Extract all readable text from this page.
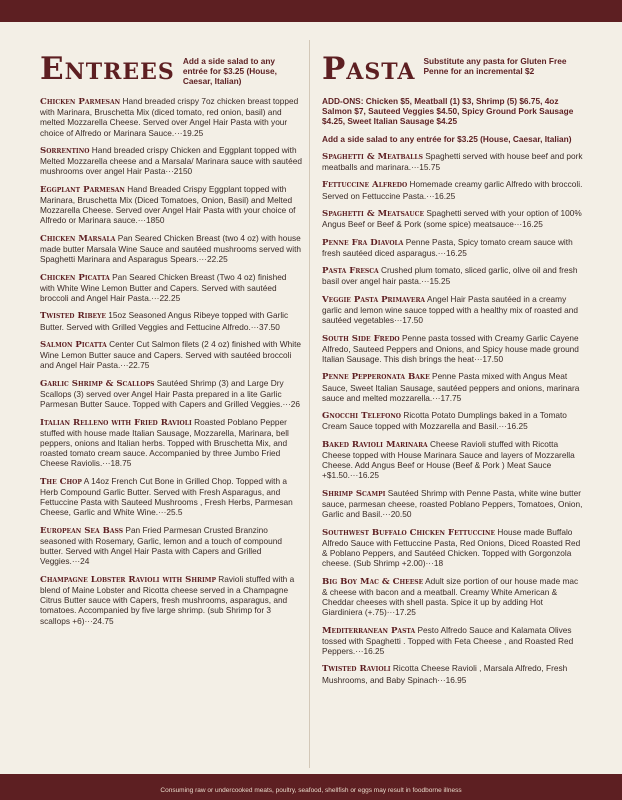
Entrees Add a side salad to any entrée for $3.25 (House, Caesar, Italian)
Chicken Parmesan Hand breaded crispy 7oz chicken breast topped with Marinara, Bruschetta Mix (diced tomato, red onion, basil) and melted Mozzarella Cheese. Served over Angel Hair Pasta with your choice of Alfredo or Marinara Sauce.···19.25
Sorrentino Hand breaded crispy Chicken and Eggplant topped with Melted Mozzarella cheese and a Marsala/ Marinara sauce with sautéed mushrooms over angel Hair Pasta···2150
Eggplant Parmesan Hand Breaded Crispy Eggplant topped with Marinara, Bruschetta Mix (Diced Tomatoes, Onion, Basil) and Melted Mozzarella Cheese. Served over Angel Hair Pasta with your choice of Alfredo or Marinara sauce.···1850
Chicken Marsala Pan Seared Chicken Breast (two 4 oz) with house made butter Marsala Wine Sauce and sautéed mushrooms served with Spaghetti Marinara and Asparagus Spears.···22.25
Chicken Picatta Pan Seared Chicken Breast (Two 4 oz) finished with White Wine Lemon Butter and Capers. Served with sautéed broccoli and Angel Hair Pasta.···22.25
Twisted Ribeye 15oz Seasoned Angus Ribeye topped with Garlic Butter. Served with Grilled Veggies and Fettucine Alfredo.···37.50
Salmon Picatta Center Cut Salmon filets (2 4 oz) finished with White Wine Lemon Butter sauce and Capers. Served with sautéed broccoli and Angel Hair Pasta.···22.75
Garlic Shrimp & Scallops Sautéed Shrimp (3) and Large Dry Scallops (3) served over Angel Hair Pasta prepared in a lite Garlic Parmesan Butter Sauce. Topped with Capers and Grilled Veggies.···26
Italian Relleno with Fried Ravioli Roasted Poblano Pepper stuffed with house made Italian Sausage, Mozzarella, Marinara, bell peppers, onions and Italian herbs. Topped with Bruschetta Mix, and roasted tomato cream sauce. Accompanied by three Jumbo Fried Cheese Raviolis.···18.75
The Chop A 14oz French Cut Bone in Grilled Chop. Topped with a Herb Compound Garlic Butter. Served with Fresh Asparagus, and Fettuccine Pasta with Sauteed Mushrooms , Fresh Herbs, Parmesan Cheese, Garlic and White Wine.···25.5
European Sea Bass Pan Fried Parmesan Crusted Branzino seasoned with Rosemary, Garlic, lemon and a touch of compound butter. Served with Angel Hair Pasta with Capers and Grilled Veggies.···24
Champagne Lobster Ravioli with Shrimp Ravioli stuffed with a blend of Maine Lobster and Ricotta cheese served in a Champagne Citrus Butter sauce with Capers, fresh mushrooms, asparagus, and tomatoes. Accompanied by five large shrimp. (sub Shrimp for 3 scallops +6)···24.75
Pasta Substitute any pasta for Gluten Free Penne for an incremental $2
ADD-ONS: Chicken $5, Meatball (1) $3, Shrimp (5) $6.75, 4oz Salmon $7, Sauteed Veggies $4.50, Spicy Ground Pork Sausage $4.25, Sweet Italian Sausage $4.25
Add a side salad to any entrée for $3.25 (House, Caesar, Italian)
Spaghetti & Meatballs Spaghetti served with house beef and pork meatballs and marinara.···15.75
Fettuccine Alfredo Homemade creamy garlic Alfredo with broccoli. Served on Fettuccine Pasta.···16.25
Spaghetti & Meatsauce Spaghetti served with your option of 100% Angus Beef or Beef & Pork (some spice) meatsauce···16.25
Penne Fra Diavola Penne Pasta, Spicy tomato cream sauce with fresh sautéed diced asparagus.···16.25
Pasta Fresca Crushed plum tomato, sliced garlic, olive oil and fresh basil over angel hair pasta.···15.25
Veggie Pasta Primavera Angel Hair Pasta sautéed in a creamy garlic and lemon wine sauce topped with a healthy mix of roasted and sautéed vegetables···17.50
South Side Fredo Penne pasta tossed with Creamy Garlic Cayene Alfredo, Sauteed Peppers and Onions, and Spicy house made ground Italian Sausage. This dish brings the heat···17.50
Penne Pepperonata Bake Penne Pasta mixed with Angus Meat Sauce, Sweet Italian Sausage, sautéed peppers and onions, marinara sauce and melted mozzarella.···17.75
Gnocchi Telefono Ricotta Potato Dumplings baked in a Tomato Cream Sauce topped with Mozzarella and Basil.···16.25
Baked Ravioli Marinara Cheese Ravioli stuffed with Ricotta Cheese topped with House Marinara Sauce and layers of Mozzarella Cheese. Add Angus Beef or House (Beef & Pork ) Meat Sauce +$1.50.···16.25
Shrimp Scampi Sautéed Shrimp with Penne Pasta, white wine butter sauce, parmesan cheese, roasted Poblano Peppers, Tomatoes, Onion, Garlic and Basil.···20.50
Southwest Buffalo Chicken Fettuccine House made Buffalo Alfredo Sauce with Fettuccine Pasta, Red Onions, Diced Roasted Red & Poblano Peppers, and Sautéed Chicken. Topped with Gorgonzola cheese. (Sub Shrimp +2.00)···18
Big Boy Mac & Cheese Adult size portion of our house made mac & cheese with bacon and a meatball. Creamy White American & Cheddar cheeses with shell pasta. Spice it up by adding Hot Giardiniera (+.75)···17.25
Mediterranean Pasta Pesto Alfredo Sauce and Kalamata Olives tossed with Spaghetti . Topped with Feta Cheese , and Roasted Red Peppers.···16.25
Twisted Ravioli Ricotta Cheese Ravioli , Marsala Alfredo, Fresh Mushrooms, and Baby Spinach···16.95
Consuming raw or undercooked meats, poultry, seafood, shellfish or eggs may result in foodborne illness
